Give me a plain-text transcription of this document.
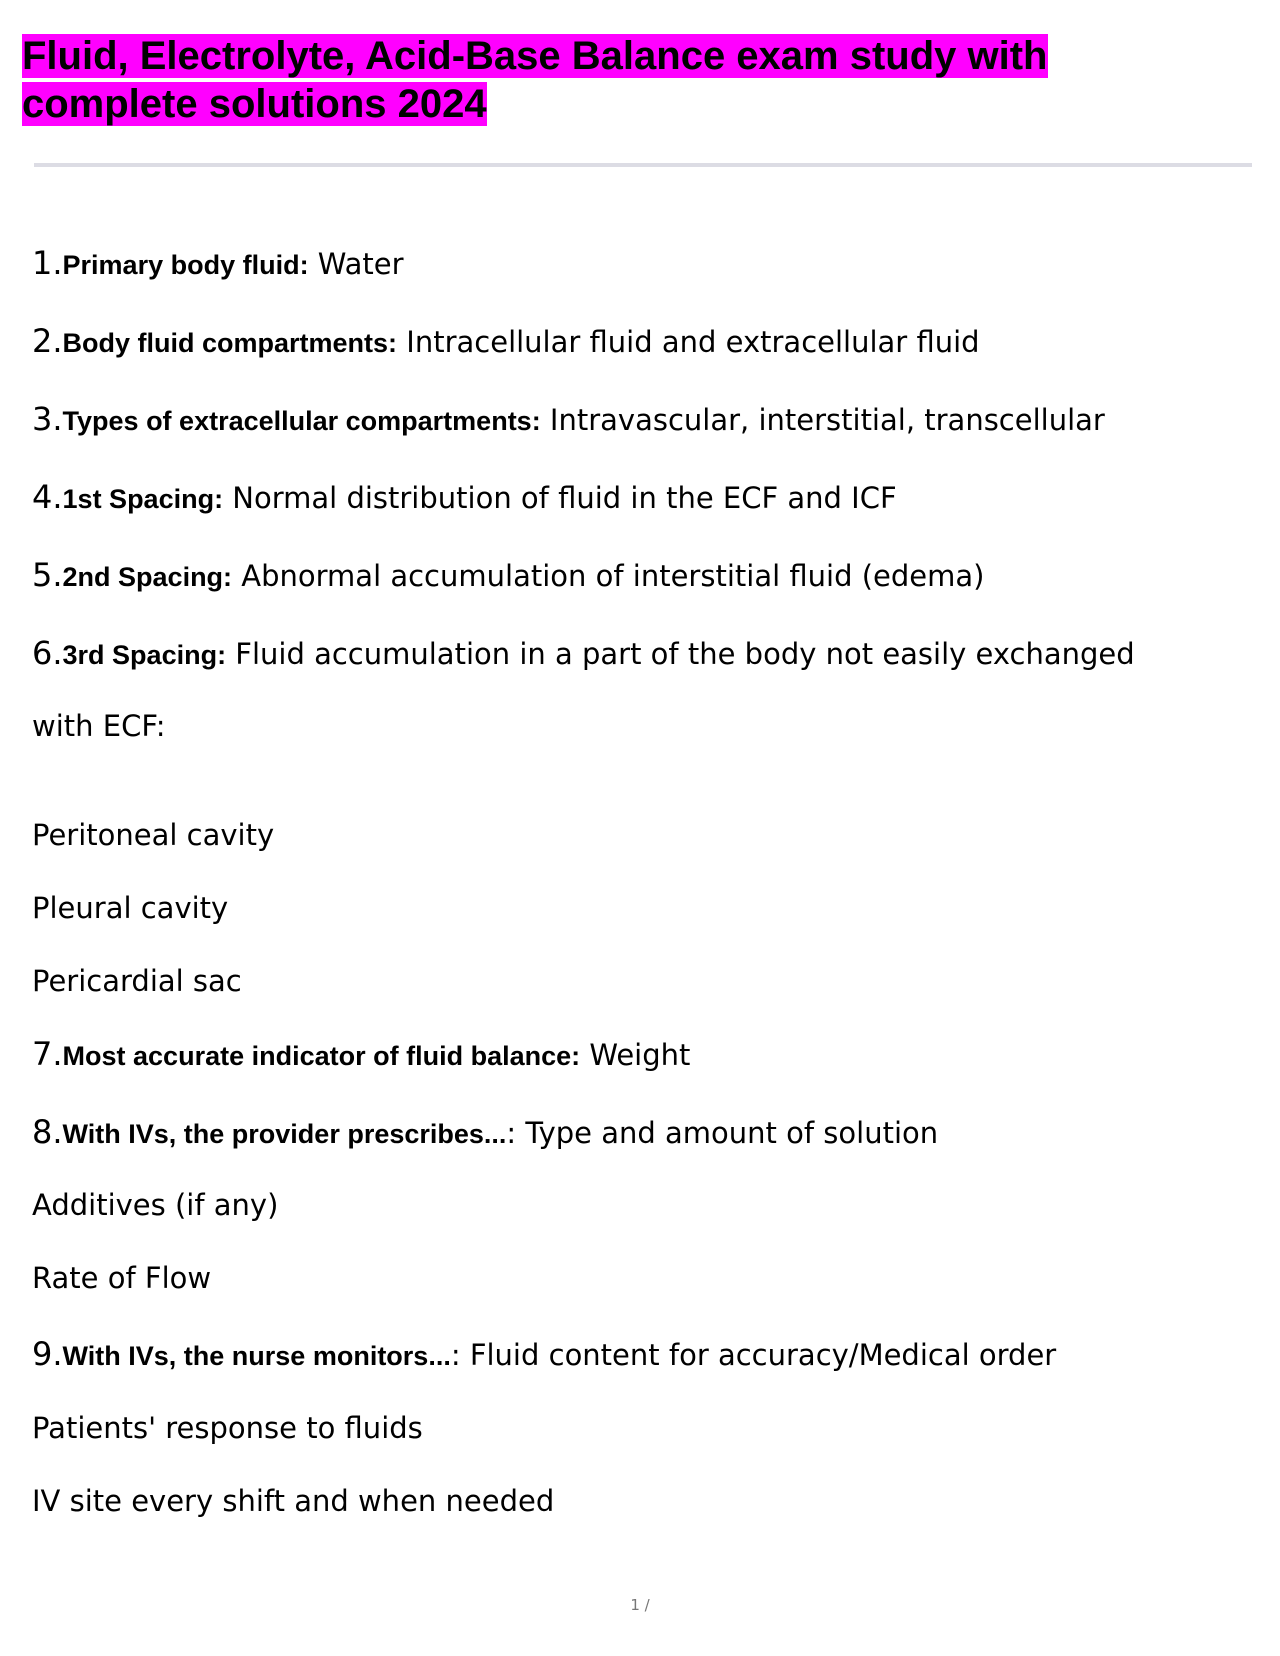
Fluid, Electrolyte, Acid-Base Balance exam study with
complete solutions 2024
1.Primary body fluid: Water
2.Body fluid compartments: Intracellular fluid and extracellular fluid
3.Types of extracellular compartments: Intravascular, interstitial, transcellular
4.1st Spacing: Normal distribution of fluid in the ECF and ICF
5.2nd Spacing: Abnormal accumulation of interstitial fluid (edema)
6.3rd Spacing: Fluid accumulation in a part of the body not easily exchanged
with ECF:
Peritoneal cavity
Pleural cavity
Pericardial sac
7.Most accurate indicator of fluid balance: Weight
8.With IVs, the provider prescribes...: Type and amount of solution
Additives (if any)
Rate of Flow
9.With IVs, the nurse monitors...: Fluid content for accuracy/Medical order
Patients' response to fluids
IV site every shift and when needed
1 /
